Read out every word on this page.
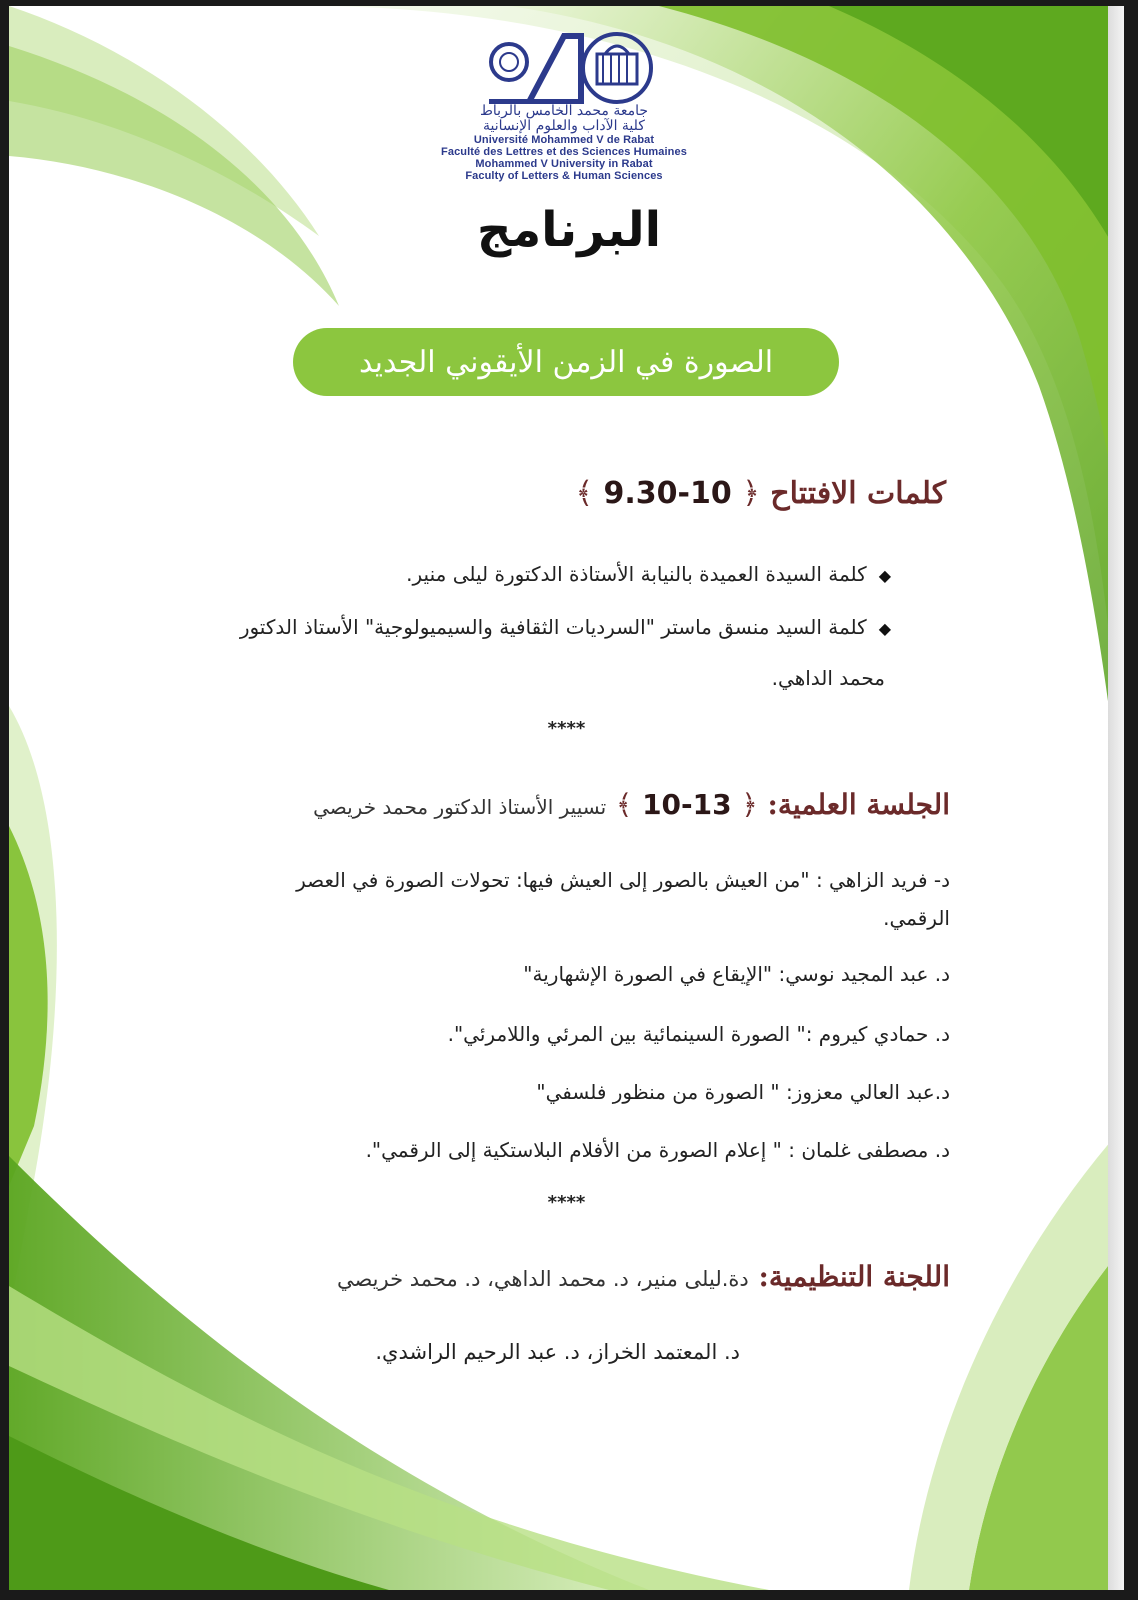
جامعة محمد الخامس بالرباط
كلية الآداب والعلوم الإنسانية
Université Mohammed V de Rabat
Faculté des Lettres et des Sciences Humaines
Mohammed V University in Rabat
Faculty of Letters & Human Sciences
البرنامج
الصورة في الزمن الأيقوني الجديد
كلمات الافتتاح ﴿ 10-9.30 ﴾
◆كلمة السيدة العميدة بالنيابة الأستاذة الدكتورة ليلى منير.
◆كلمة السيد منسق ماستر "السرديات الثقافية والسيميولوجية" الأستاذ الدكتور
محمد الداهي.
****
الجلسة العلمية: ﴿ 13-10 ﴾ تسيير الأستاذ الدكتور محمد خريصي
د- فريد الزاهي : "من العيش بالصور إلى العيش فيها: تحولات الصورة في العصر
الرقمي.
د. عبد المجيد نوسي: "الإيقاع في الصورة الإشهارية"
د. حمادي كيروم :" الصورة السينمائية بين المرئي واللامرئي".
د.عبد العالي معزوز: " الصورة من منظور فلسفي"
د. مصطفى غلمان : " إعلام الصورة من الأفلام البلاستكية إلى الرقمي".
****
اللجنة التنظيمية: دة.ليلى منير، د. محمد الداهي، د. محمد خريصي
د. المعتمد الخراز، د. عبد الرحيم الراشدي.
